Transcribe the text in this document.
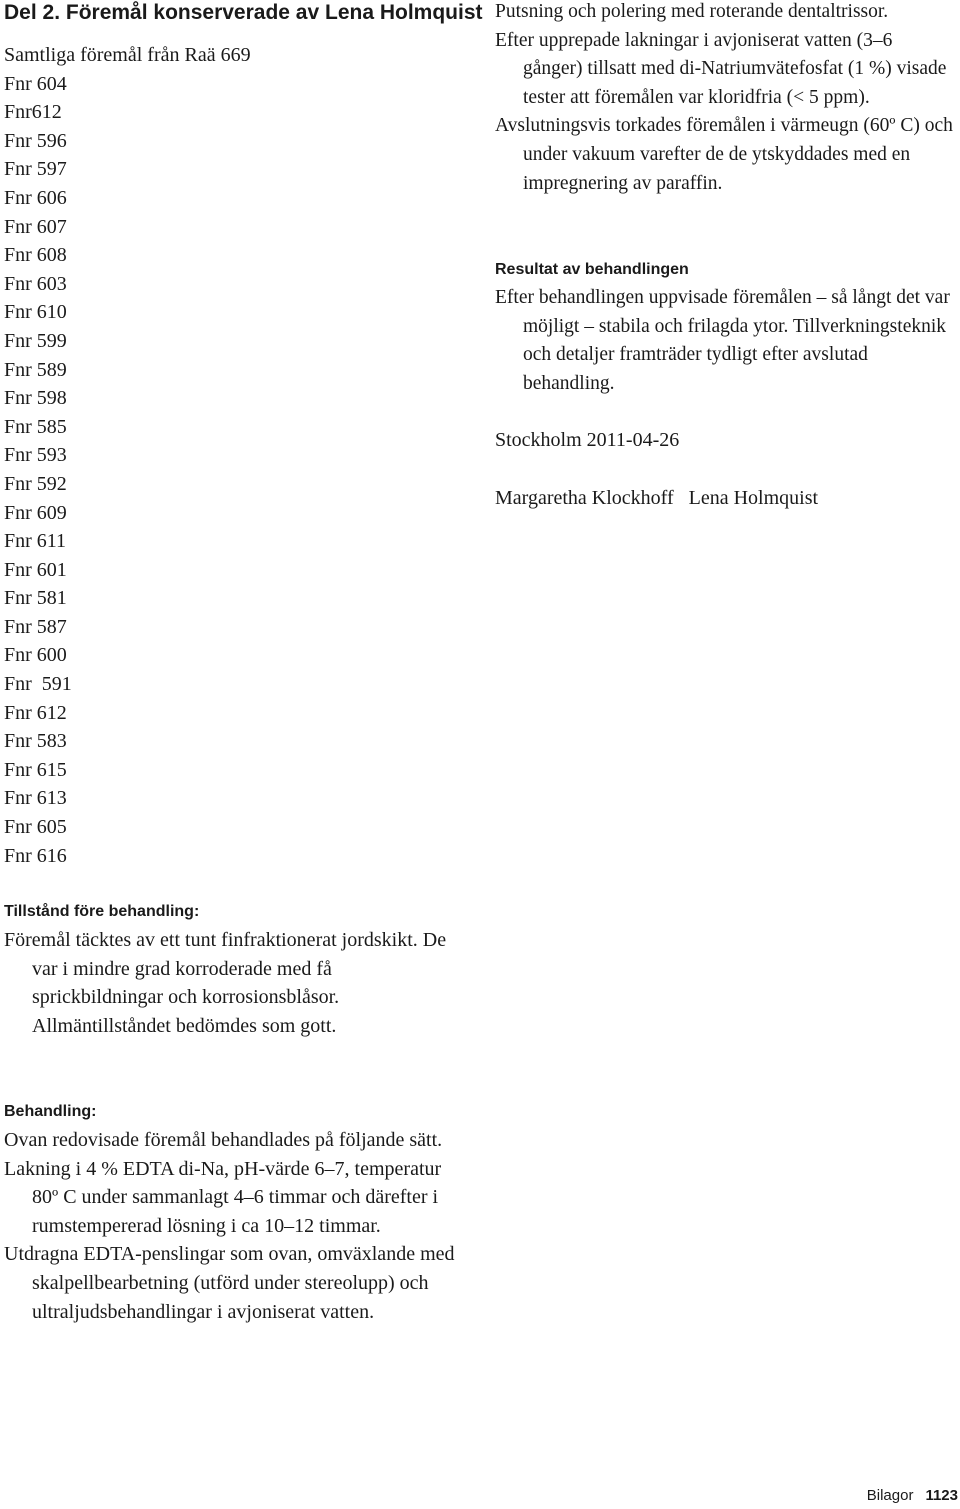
Del 2. Föremål konserverade av Lena Holmquist
Samtliga föremål från Raä 669
Fnr 604
Fnr612
Fnr 596
Fnr 597
Fnr 606
Fnr 607
Fnr 608
Fnr 603
Fnr 610
Fnr 599
Fnr 589
Fnr 598
Fnr 585
Fnr 593
Fnr 592
Fnr 609
Fnr 611
Fnr 601
Fnr 581
Fnr 587
Fnr 600
Fnr  591
Fnr 612
Fnr 583
Fnr 615
Fnr 613
Fnr 605
Fnr 616
Tillstånd före behandling:

Föremål täcktes av ett tunt finfraktionerat jordskikt. De var i mindre grad korroderade med få sprickbildningar och korrosionsblåsor. Allmäntillståndet bedömdes som gott.

Behandling:

Ovan redovisade föremål behandlades på följande sätt.

Lakning i 4 % EDTA di-Na, pH-värde 6–7, temperatur 80º C under sammanlagt 4–6 timmar och därefter i rumstempererad lösning i ca 10–12 timmar.

Utdragna EDTA-penslingar som ovan, omväxlande med skalpellbearbetning (utförd under stereolupp) och ultraljudsbehandlingar i avjoniserat vatten.

Putsning och polering med roterande dentaltrissor.

Efter upprepade lakningar i avjoniserat vatten (3–6 gånger) tillsatt med di-Natriumvätefosfat (1 %) visade tester att föremålen var kloridfria (< 5 ppm).

Avslutningsvis torkades föremålen i värmeugn (60º C) och under vakuum varefter de de ytskyddades med en impregnering av paraffin.

Resultat av behandlingen

Efter behandlingen uppvisade föremålen – så långt det var möjligt – stabila och frilagda ytor. Tillverkningsteknik och detaljer framträder tydligt efter avslutad behandling.

Stockholm 2011-04-26

Margaretha Klockhoff   Lena Holmquist

Bilagor 1123
